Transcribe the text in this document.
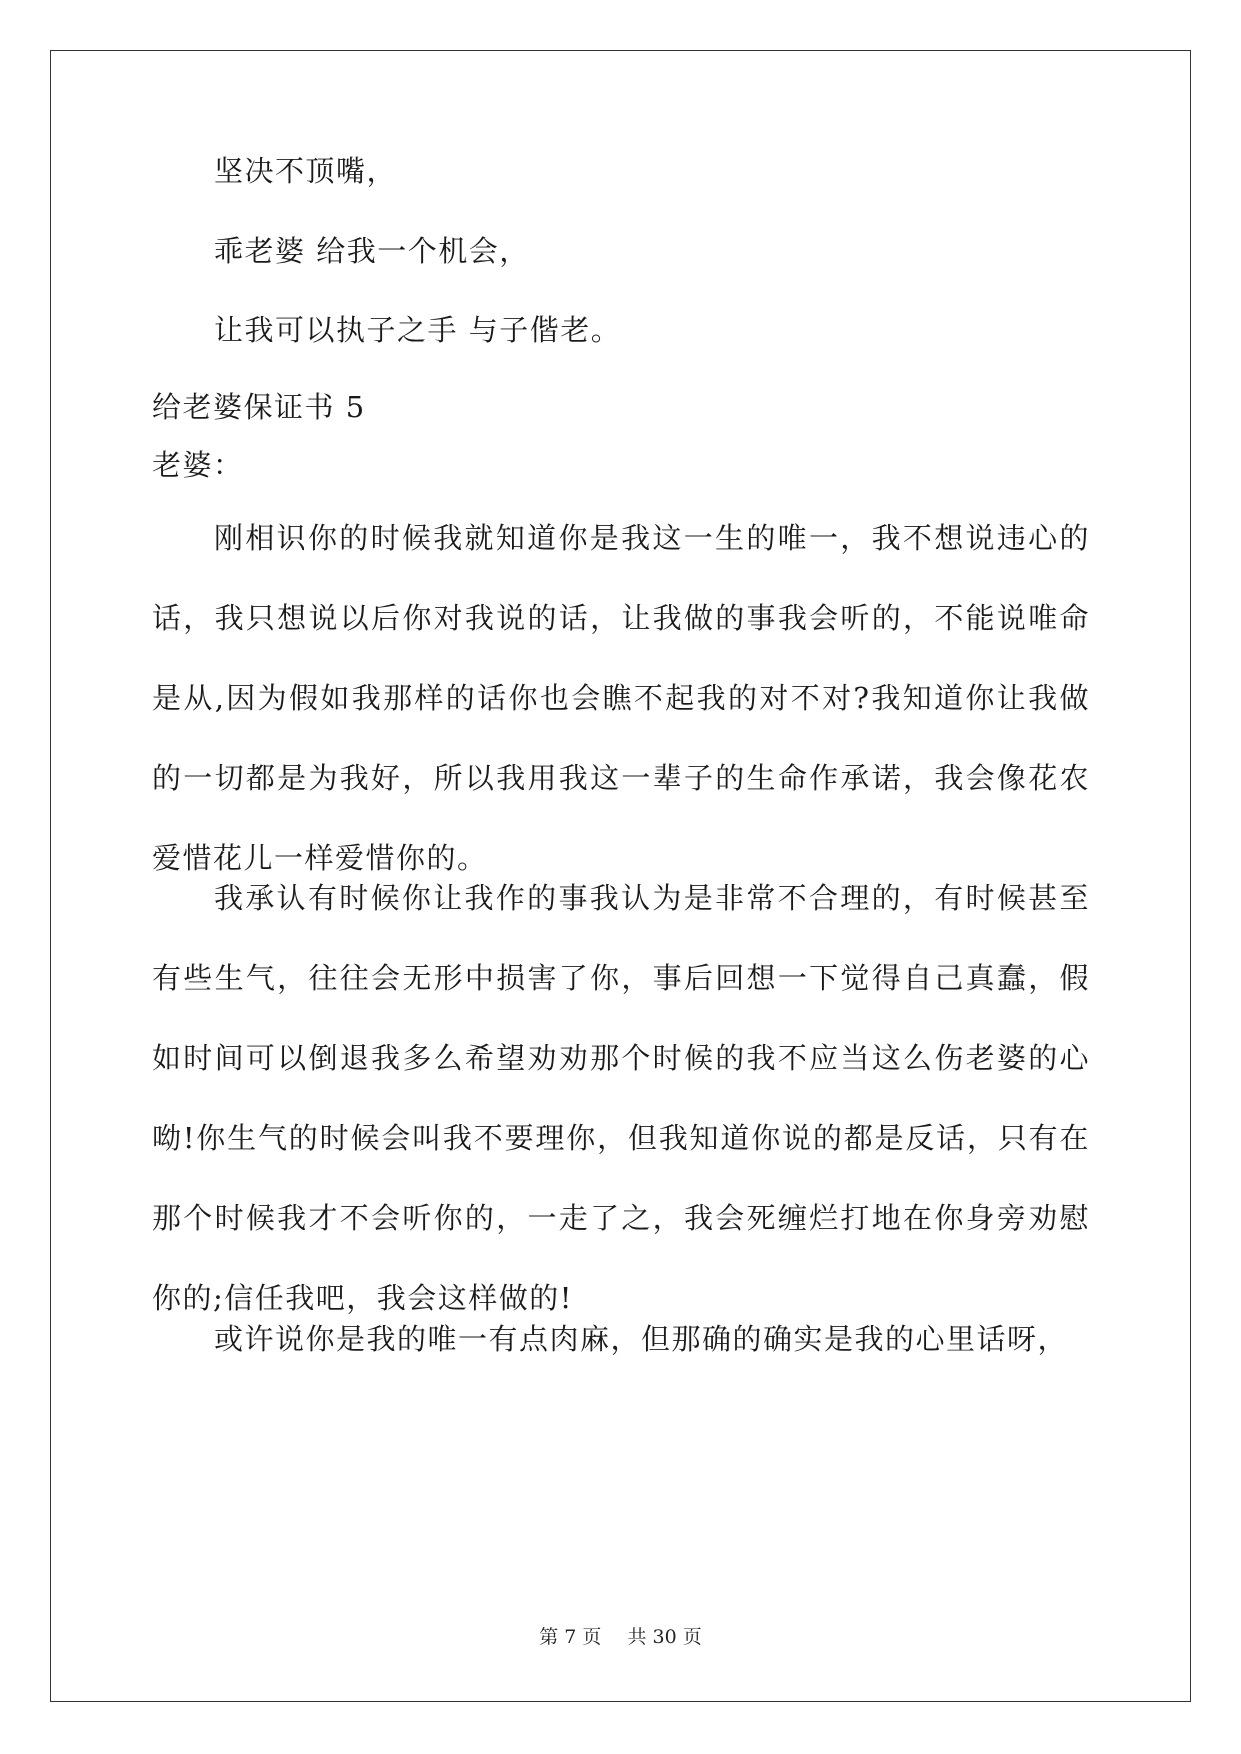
坚决不顶嘴，
乖老婆 给我一个机会，
让我可以执子之手 与子偕老。
给老婆保证书 5
老婆：
刚相识你的时候我就知道你是我这一生的唯一，我不想说违心的话，我只想说以后你对我说的话，让我做的事我会听的，不能说唯命是从,因为假如我那样的话你也会瞧不起我的对不对?我知道你让我做的一切都是为我好，所以我用我这一辈子的生命作承诺，我会像花农爱惜花儿一样爱惜你的。
我承认有时候你让我作的事我认为是非常不合理的，有时候甚至有些生气，往往会无形中损害了你，事后回想一下觉得自己真蠢，假如时间可以倒退我多么希望劝劝那个时候的我不应当这么伤老婆的心呦!你生气的时候会叫我不要理你，但我知道你说的都是反话，只有在那个时候我才不会听你的，一走了之，我会死缠烂打地在你身旁劝慰你的;信任我吧，我会这样做的!
或许说你是我的唯一有点肉麻，但那确的确实是我的心里话呀，
第 7 页 共 30 页
